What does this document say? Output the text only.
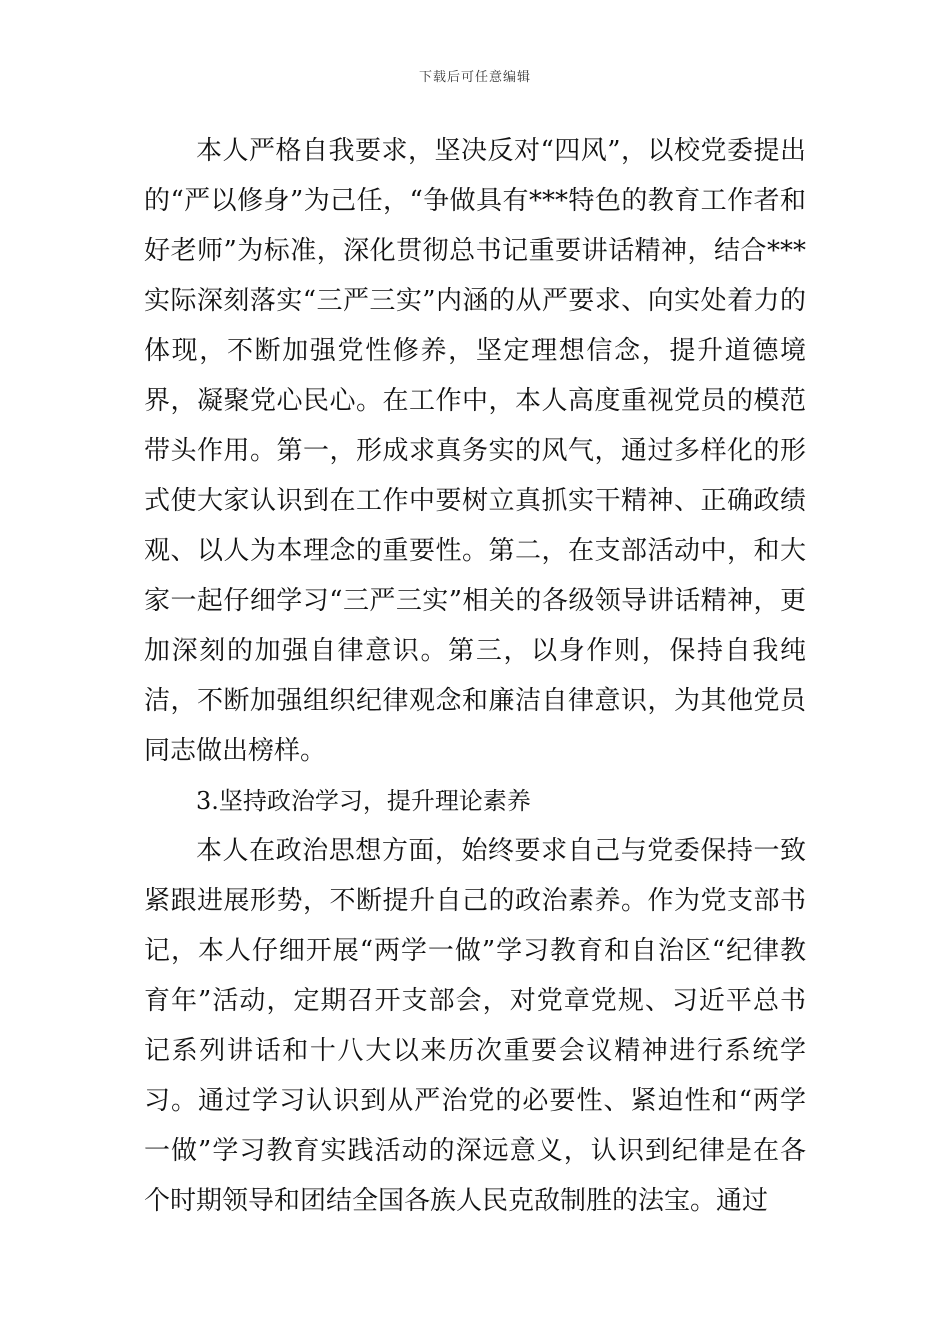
下载后可任意编辑

本人严格自我要求，坚决反对“四风”，以校党委提出的“严以修身”为己任，“争做具有***特色的教育工作者和好老师”为标准，深化贯彻总书记重要讲话精神，结合***实际深刻落实“三严三实”内涵的从严要求、向实处着力的体现，不断加强党性修养，坚定理想信念，提升道德境界，凝聚党心民心。在工作中，本人高度重视党员的模范带头作用。第一，形成求真务实的风气，通过多样化的形式使大家认识到在工作中要树立真抓实干精神、正确政绩观、以人为本理念的重要性。第二，在支部活动中，和大家一起仔细学习“三严三实”相关的各级领导讲话精神，更加深刻的加强自律意识。第三，以身作则，保持自我纯洁，不断加强组织纪律观念和廉洁自律意识，为其他党员同志做出榜样。

3.坚持政治学习，提升理论素养

本人在政治思想方面，始终要求自己与党委保持一致紧跟进展形势，不断提升自己的政治素养。作为党支部书记，本人仔细开展“两学一做”学习教育和自治区“纪律教育年”活动，定期召开支部会，对党章党规、习近平总书记系列讲话和十八大以来历次重要会议精神进行系统学习。通过学习认识到从严治党的必要性、紧迫性和“两学一做”学习教育实践活动的深远意义，认识到纪律是在各个时期领导和团结全国各族人民克敌制胜的法宝。通过
